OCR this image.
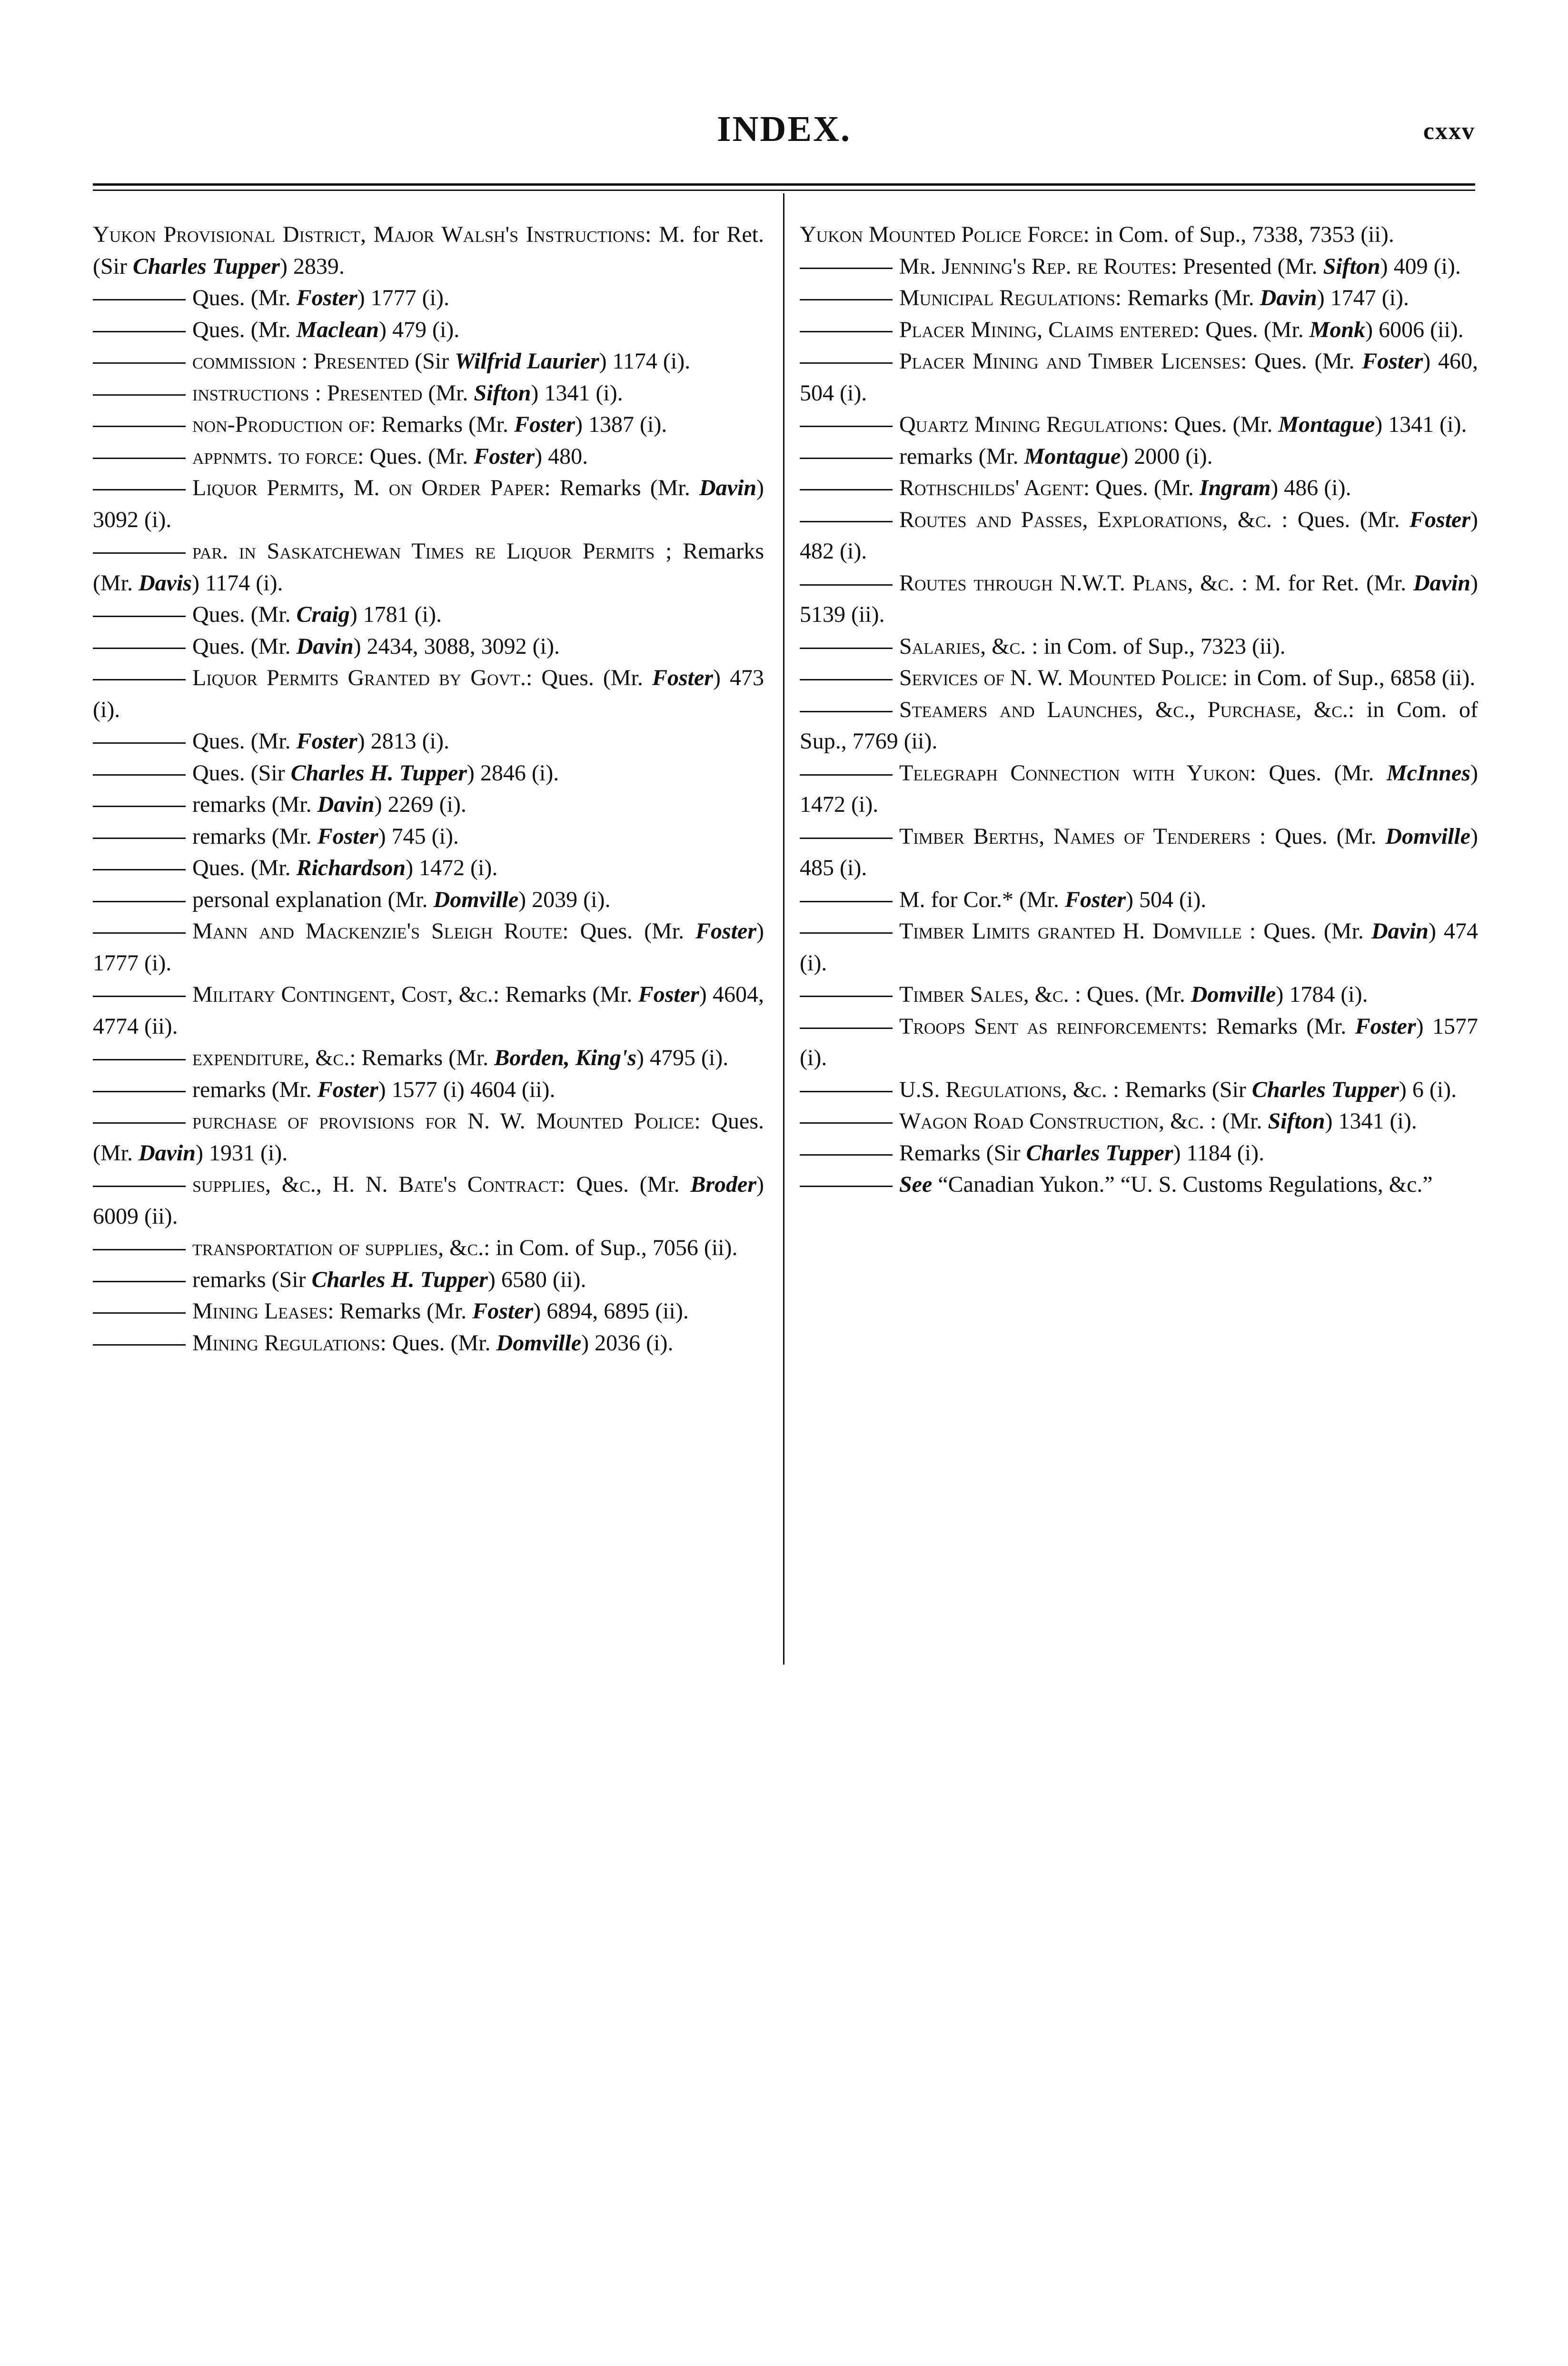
INDEX.	cxxv

Yukon Provisional District, Major Walsh's Instructions: M. for Ret. (Sir Charles Tupper) 2839.

Ques. (Mr. Foster) 1777 (i).

Ques. (Mr. Maclean) 479 (i).

commission : Presented (Sir Wilfrid Laurier) 1174 (i).

instructions : Presented (Mr. Sifton) 1341 (i).

non-Production of: Remarks (Mr. Foster) 1387 (i).

appnmts. to force: Ques. (Mr. Foster) 480.

Liquor Permits, M. on Order Paper: Remarks (Mr. Davin) 3092 (i).

par. in Saskatchewan Times re Liquor Permits ; Remarks (Mr. Davis) 1174 (i).

Ques. (Mr. Craig) 1781 (i).

Ques. (Mr. Davin) 2434, 3088, 3092 (i).

Liquor Permits Granted by Govt.: Ques. (Mr. Foster) 473 (i).

Ques. (Mr. Foster) 2813 (i).

Ques. (Sir Charles H. Tupper) 2846 (i).

remarks (Mr. Davin) 2269 (i).

remarks (Mr. Foster) 745 (i).

Ques. (Mr. Richardson) 1472 (i).

personal explanation (Mr. Domville) 2039 (i).

Mann and Mackenzie's Sleigh Route: Ques. (Mr. Foster) 1777 (i).

Military Contingent, Cost, &c.: Remarks (Mr. Foster) 4604, 4774 (ii).

expenditure, &c.: Remarks (Mr. Borden, King's) 4795 (i).

remarks (Mr. Foster) 1577 (i) 4604 (ii).

purchase of provisions for N. W. Mounted Police: Ques. (Mr. Davin) 1931 (i).

supplies, &c., H. N. Bate's Contract: Ques. (Mr. Broder) 6009 (ii).

transportation of supplies, &c.: in Com. of Sup., 7056 (ii).

remarks (Sir Charles H. Tupper) 6580 (ii).

Mining Leases: Remarks (Mr. Foster) 6894, 6895 (ii).

Mining Regulations: Ques. (Mr. Domville) 2036 (i).

Yukon Mounted Police Force: in Com. of Sup., 7338, 7353 (ii).

Mr. Jenning's Rep. re Routes: Presented (Mr. Sifton) 409 (i).

Municipal Regulations: Remarks (Mr. Davin) 1747 (i).

Placer Mining, Claims entered: Ques. (Mr. Monk) 6006 (ii).

Placer Mining and Timber Licenses: Ques. (Mr. Foster) 460, 504 (i).

Quartz Mining Regulations: Ques. (Mr. Montague) 1341 (i).

remarks (Mr. Montague) 2000 (i).

Rothschilds' Agent: Ques. (Mr. Ingram) 486 (i).

Routes and Passes, Explorations, &c. : Ques. (Mr. Foster) 482 (i).

Routes through N.W.T. Plans, &c. : M. for Ret. (Mr. Davin) 5139 (ii).

Salaries, &c. : in Com. of Sup., 7323 (ii).

Services of N. W. Mounted Police: in Com. of Sup., 6858 (ii).

Steamers and Launches, &c., Purchase, &c.: in Com. of Sup., 7769 (ii).

Telegraph Connection with Yukon: Ques. (Mr. McInnes) 1472 (i).

Timber Berths, Names of Tenderers : Ques. (Mr. Domville) 485 (i).

M. for Cor.* (Mr. Foster) 504 (i).

Timber Limits granted H. Domville : Ques. (Mr. Davin) 474 (i).

Timber Sales, &c. : Ques. (Mr. Domville) 1784 (i).

Troops Sent as reinforcements: Remarks (Mr. Foster) 1577 (i).

U.S. Regulations, &c. : Remarks (Sir Charles Tupper) 6 (i).

Wagon Road Construction, &c. : (Mr. Sifton) 1341 (i).

Remarks (Sir Charles Tupper) 1184 (i).

See “Canadian Yukon.” “U. S. Customs Regulations, &c.”
